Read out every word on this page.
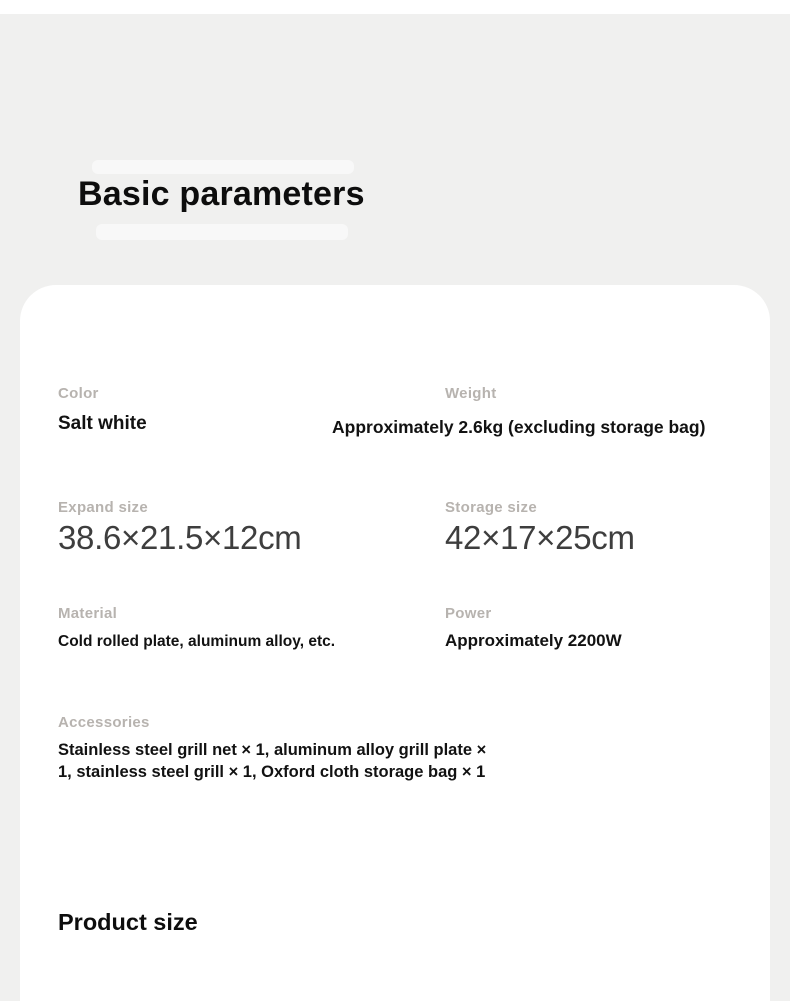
Basic parameters
Color
Salt white
Weight
Approximately 2.6kg (excluding storage bag)
Expand size
38.6×21.5×12cm
Storage size
42×17×25cm
Material
Cold rolled plate, aluminum alloy, etc.
Power
Approximately 2200W
Accessories
Stainless steel grill net × 1, aluminum alloy grill plate × 1, stainless steel grill × 1, Oxford cloth storage bag × 1
Product size
